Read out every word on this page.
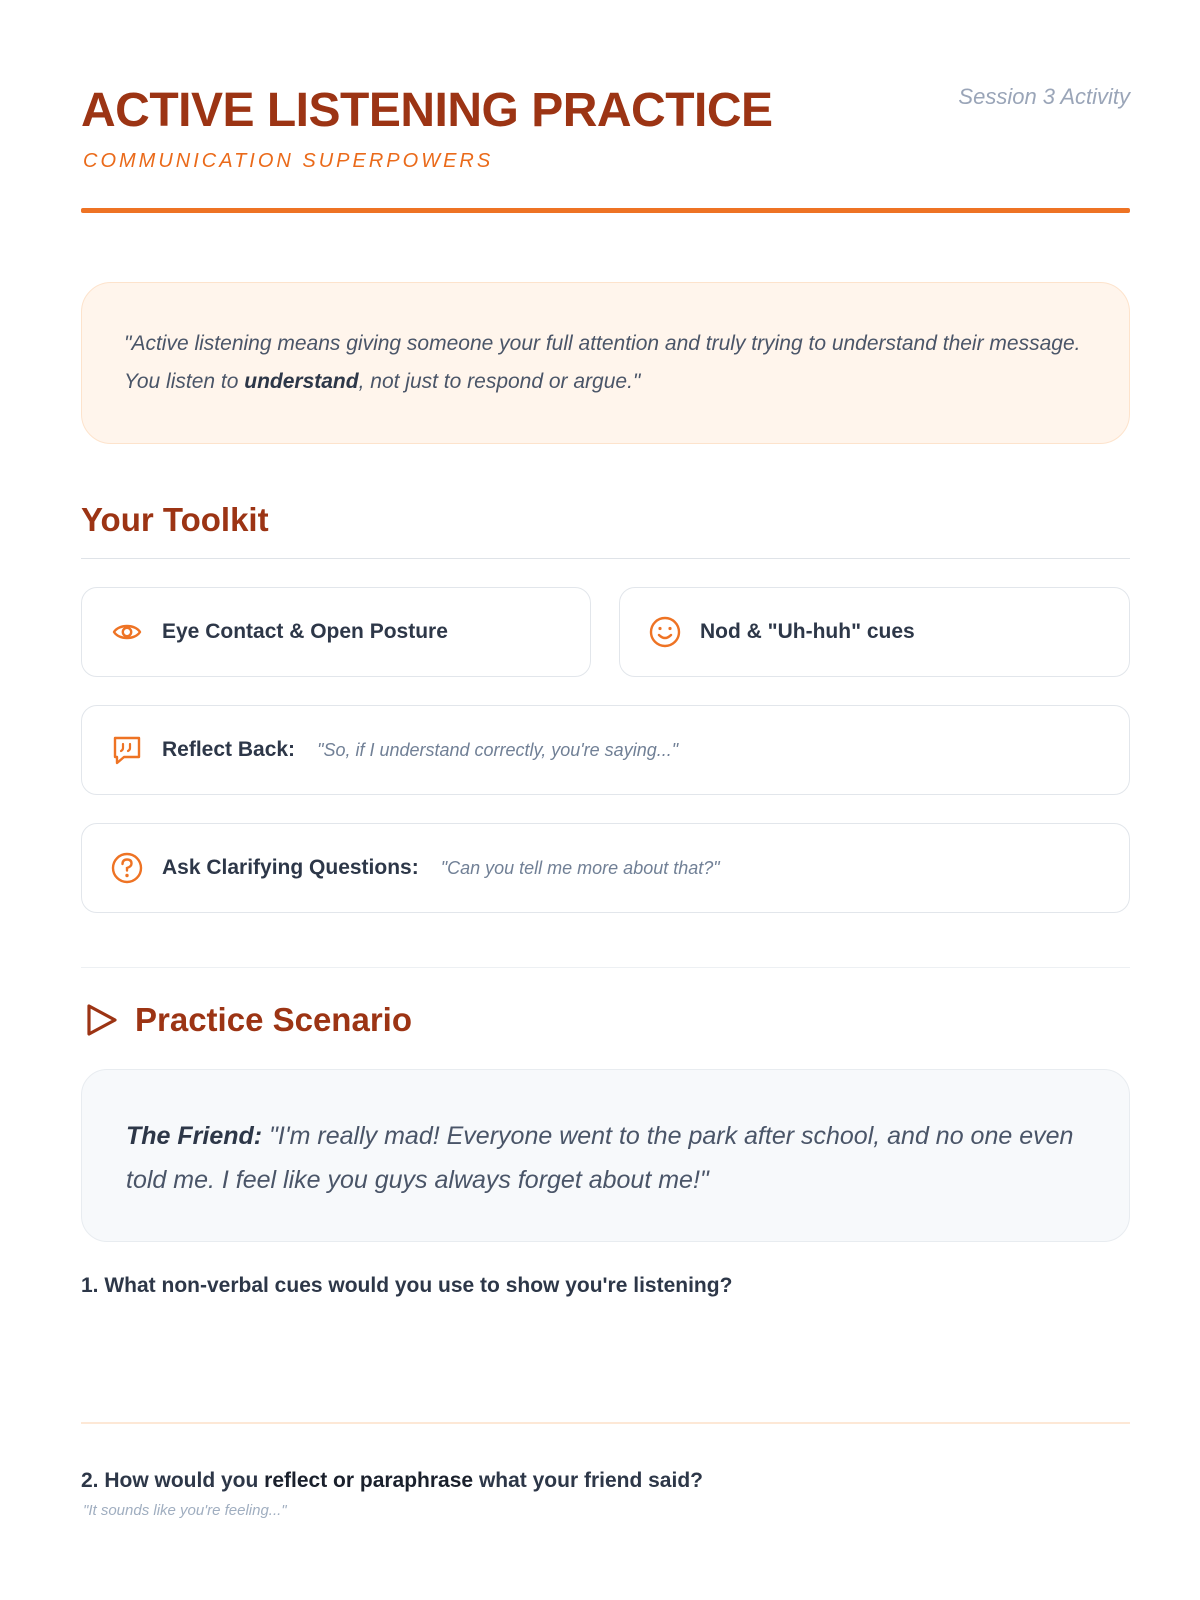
ACTIVE LISTENING PRACTICE
COMMUNICATION SUPERPOWERS
Session 3 Activity

"Active listening means giving someone your full attention and truly trying to understand their message. You listen to understand, not just to respond or argue."

Your Toolkit
Eye Contact & Open Posture	Nod & "Uh-huh" cues
Reflect Back: "So, if I understand correctly, you're saying..."
Ask Clarifying Questions: "Can you tell me more about that?"
Practice Scenario

The Friend: "I'm really mad! Everyone went to the park after school, and no one even told me. I feel like you guys always forget about me!"

1. What non-verbal cues would you use to show you're listening?
2. How would you reflect or paraphrase what your friend said?
"It sounds like you're feeling..."
